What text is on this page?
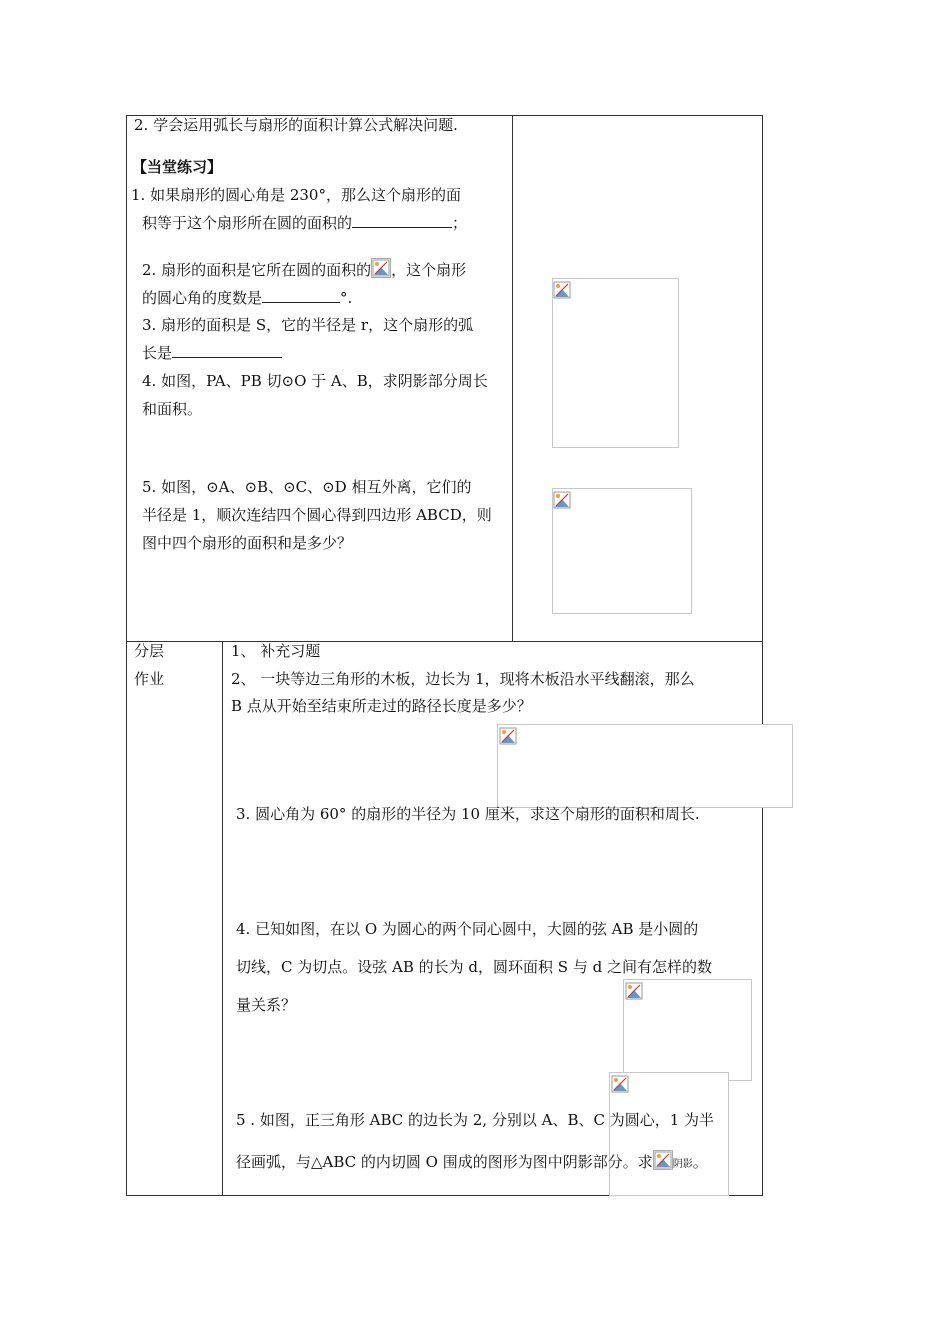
2. 学会运用弧长与扇形的面积计算公式解决问题.
【当堂练习】
1. 如果扇形的圆心角是 230°，那么这个扇形的面
积等于这个扇形所在圆的面积的	；
2. 扇形的面积是它所在圆的面积的 ，这个扇形
的圆心角的度数是	°.
3. 扇形的面积是 S，它的半径是 r，这个扇形的弧
长是
4. 如图，PA、PB 切⊙O 于 A、B，求阴影部分周长
和面积。
5. 如图，⊙A、⊙B、⊙C、⊙D 相互外离，它们的
半径是 1，顺次连结四个圆心得到四边形 ABCD，则
图中四个扇形的面积和是多少？
分层
作业
1、 补充习题
2、 一块等边三角形的木板，边长为 1，现将木板沿水平线翻滚，那么
B 点从开始至结束所走过的路径长度是多少？
3. 圆心角为 60° 的扇形的半径为 10 厘米，求这个扇形的面积和周长.
4. 已知如图，在以 O 为圆心的两个同心圆中，大圆的弦 AB 是小圆的
切线，C 为切点。设弦 AB 的长为 d，圆环面积 S 与 d 之间有怎样的数
量关系？
5 . 如图，正三角形 ABC 的边长为 2, 分别以 A、B、C 为圆心，1 为半
径画弧，与△ABC 的内切圆 O 围成的图形为图中阴影部分。求 阴影。
